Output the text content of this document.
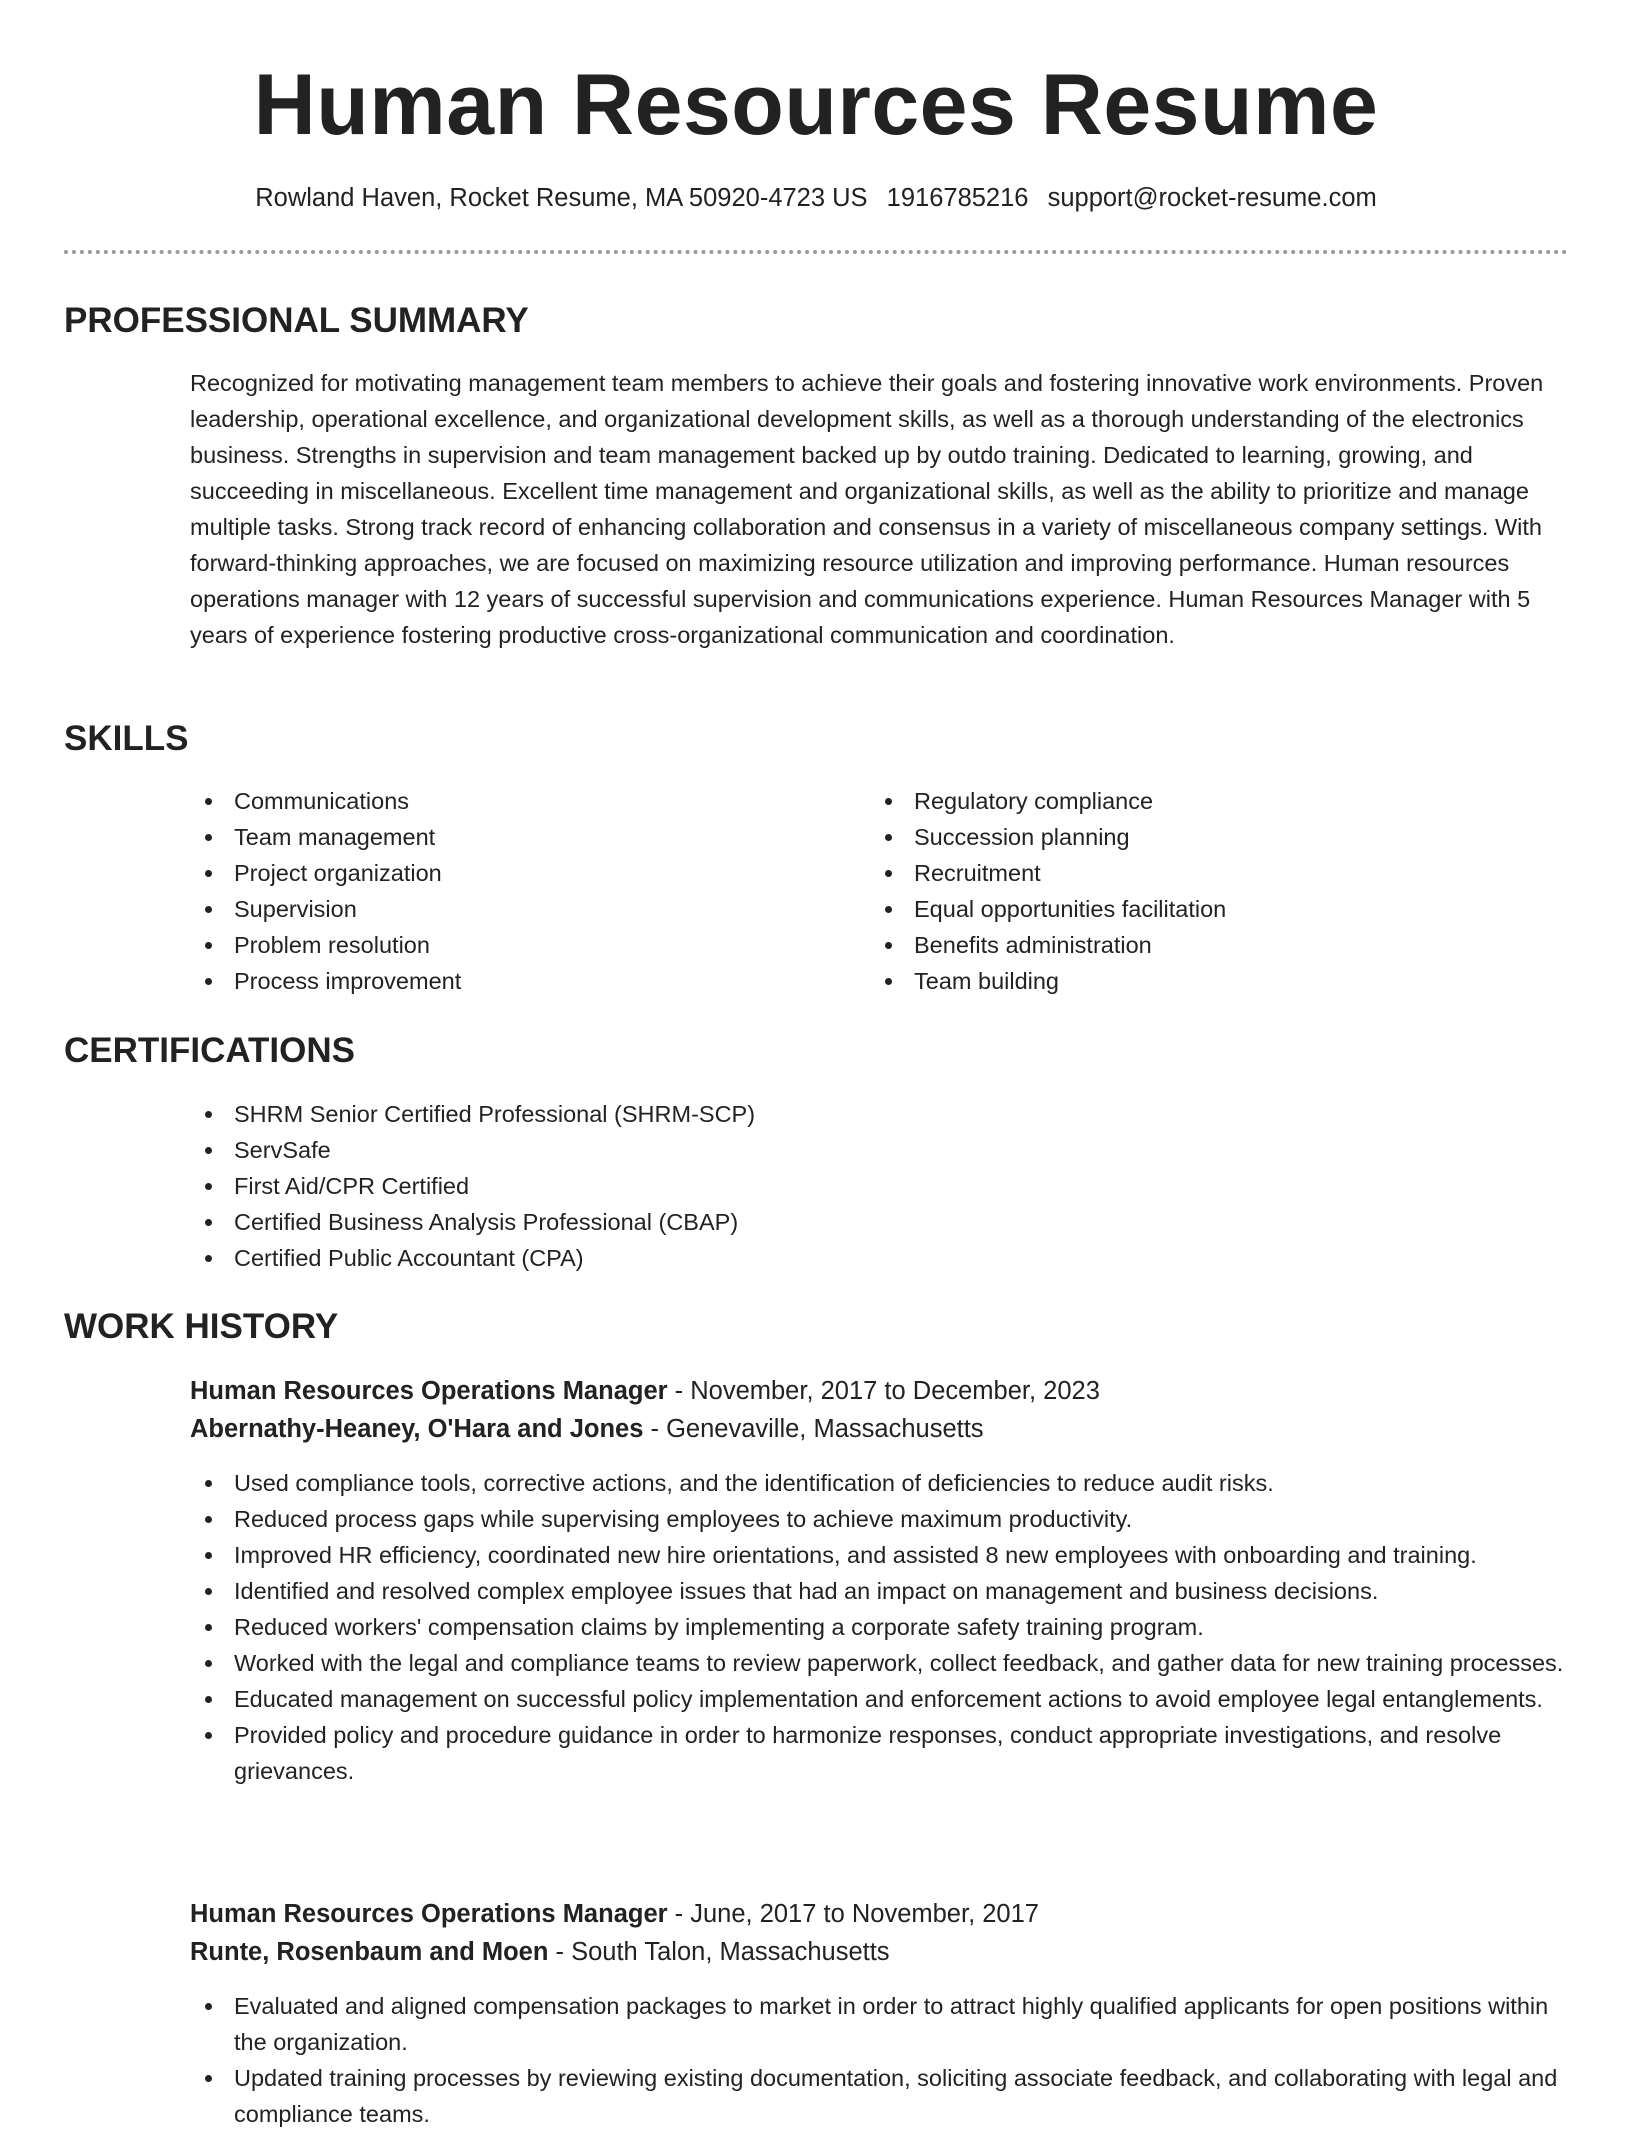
Human Resources Resume
Rowland Haven, Rocket Resume, MA 50920-4723 US 1916785216 support@rocket-resume.com
PROFESSIONAL SUMMARY

Recognized for motivating management team members to achieve their goals and fostering innovative work environments. Proven leadership, operational excellence, and organizational development skills, as well as a thorough understanding of the electronics business. Strengths in supervision and team management backed up by outdo training. Dedicated to learning, growing, and succeeding in miscellaneous. Excellent time management and organizational skills, as well as the ability to prioritize and manage multiple tasks. Strong track record of enhancing collaboration and consensus in a variety of miscellaneous company settings. With forward-thinking approaches, we are focused on maximizing resource utilization and improving performance. Human resources operations manager with 12 years of successful supervision and communications experience. Human Resources Manager with 5 years of experience fostering productive cross-organizational communication and coordination.

SKILLS
Communications
Team management
Project organization
Supervision
Problem resolution
Process improvement
Regulatory compliance
Succession planning
Recruitment
Equal opportunities facilitation
Benefits administration
Team building
CERTIFICATIONS
SHRM Senior Certified Professional (SHRM-SCP)
ServSafe
First Aid/CPR Certified
Certified Business Analysis Professional (CBAP)
Certified Public Accountant (CPA)
WORK HISTORY
Human Resources Operations Manager - November, 2017 to December, 2023
Abernathy-Heaney, O'Hara and Jones - Genevaville, Massachusetts
Used compliance tools, corrective actions, and the identification of deficiencies to reduce audit risks.
Reduced process gaps while supervising employees to achieve maximum productivity.
Improved HR efficiency, coordinated new hire orientations, and assisted 8 new employees with onboarding and training.
Identified and resolved complex employee issues that had an impact on management and business decisions.
Reduced workers' compensation claims by implementing a corporate safety training program.
Worked with the legal and compliance teams to review paperwork, collect feedback, and gather data for new training processes.
Educated management on successful policy implementation and enforcement actions to avoid employee legal entanglements.
Provided policy and procedure guidance in order to harmonize responses, conduct appropriate investigations, and resolve grievances.
Human Resources Operations Manager - June, 2017 to November, 2017
Runte, Rosenbaum and Moen - South Talon, Massachusetts
Evaluated and aligned compensation packages to market in order to attract highly qualified applicants for open positions within the organization.
Updated training processes by reviewing existing documentation, soliciting associate feedback, and collaborating with legal and compliance teams.
